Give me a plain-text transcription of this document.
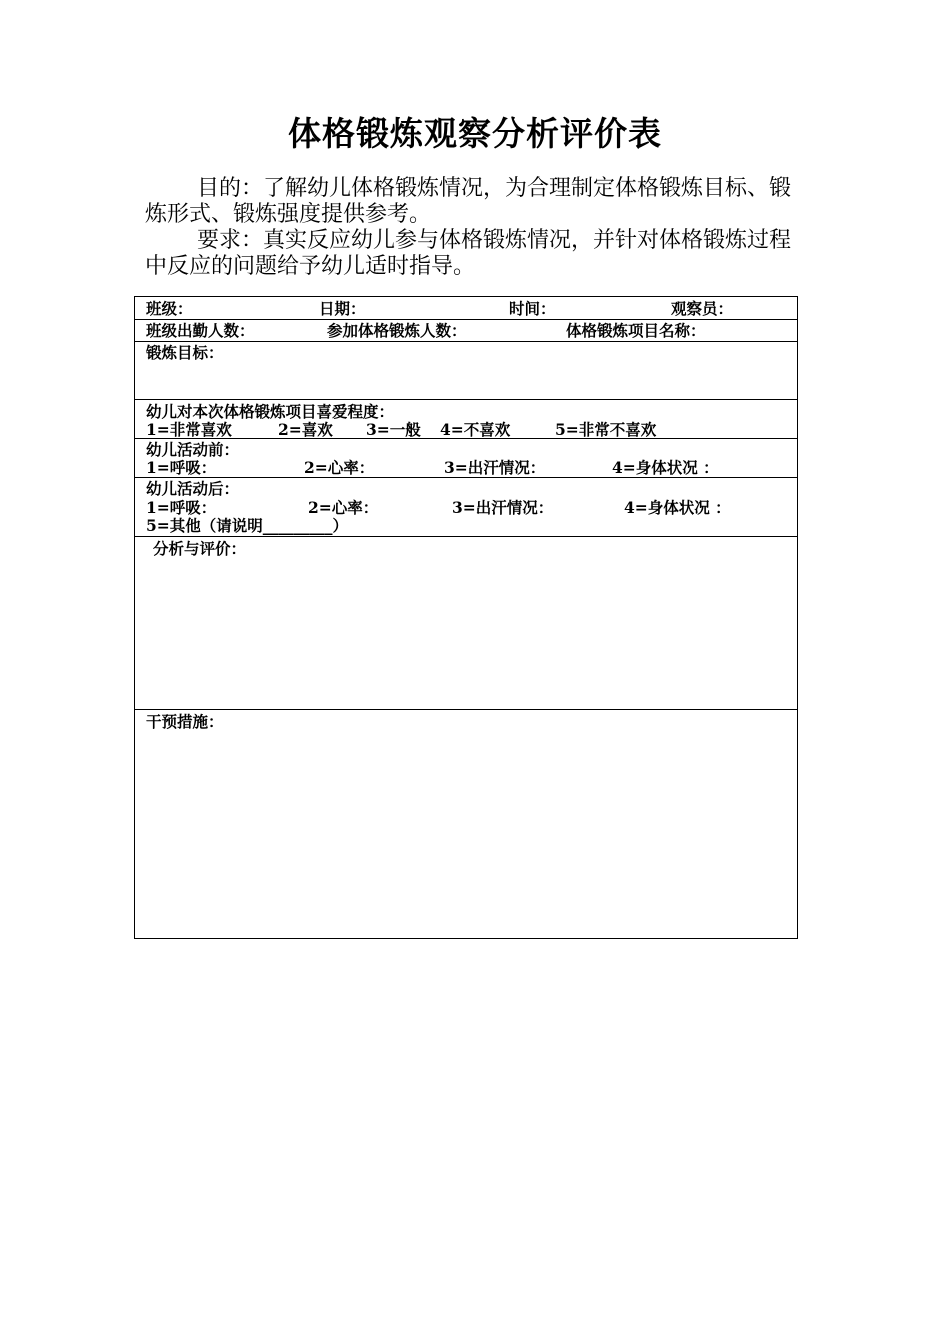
体格锻炼观察分析评价表

目的：了解幼儿体格锻炼情况，为合理制定体格锻炼目标、锻炼形式、锻炼强度提供参考。

要求：真实反应幼儿参与体格锻炼情况，并针对体格锻炼过程中反应的问题给予幼儿适时指导。

班级：	日期：	时间：	观察员：
班级出勤人数：	参加体格锻炼人数：	体格锻炼项目名称：
锻炼目标：
幼儿对本次体格锻炼项目喜爱程度：
1=非常喜欢	2=喜欢 3=一般 4=不喜欢	5=非常不喜欢
幼儿活动前：
1=呼吸：	2=心率：	3=出汗情况：	4=身体状况 ：
幼儿活动后：
1=呼吸：	2=心率：	3=出汗情况：	4=身体状况 ：
5=其他（请说明_________）
分析与评价：
干预措施：
